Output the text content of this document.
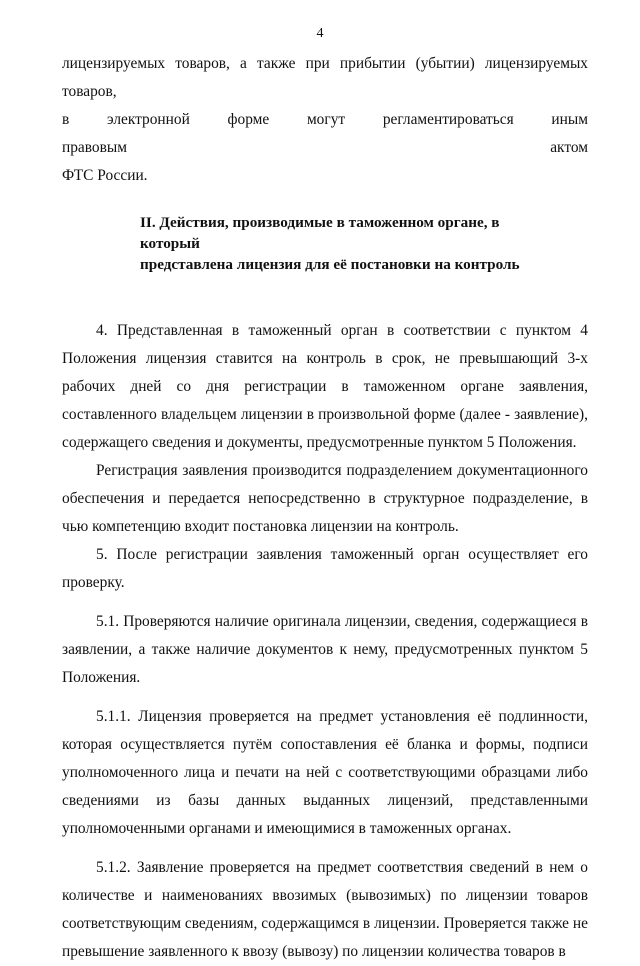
4

лицензируемых товаров, а также при прибытии (убытии) лицензируемых товаров,
в электронной форме могут регламентироваться иным правовым актом
ФТС России.

II. Действия, производимые в таможенном органе, в который
представлена лицензия для её постановки на контроль

4. Представленная в таможенный орган в соответствии с пунктом 4 Положения лицензия ставится на контроль в срок, не превышающий 3-х рабочих дней со дня регистрации в таможенном органе заявления, составленного владельцем лицензии в произвольной форме (далее - заявление), содержащего сведения и документы, предусмотренные пунктом 5 Положения.

Регистрация заявления производится подразделением документационного обеспечения и передается непосредственно в структурное подразделение, в чью компетенцию входит постановка лицензии на контроль.

5. После регистрации заявления таможенный орган осуществляет его проверку.

5.1. Проверяются наличие оригинала лицензии, сведения, содержащиеся в заявлении, а также наличие документов к нему, предусмотренных пунктом 5 Положения.

5.1.1. Лицензия проверяется на предмет установления её подлинности, которая осуществляется путём сопоставления её бланка и формы, подписи уполномоченного лица и печати на ней с соответствующими образцами либо сведениями из базы данных выданных лицензий, представленными уполномоченными органами и имеющимися в таможенных органах.

5.1.2. Заявление проверяется на предмет соответствия сведений в нем о количестве и наименованиях ввозимых (вывозимых) по лицензии товаров соответствующим сведениям, содержащимся в лицензии. Проверяется также не превышение заявленного к ввозу (вывозу) по лицензии количества товаров в
